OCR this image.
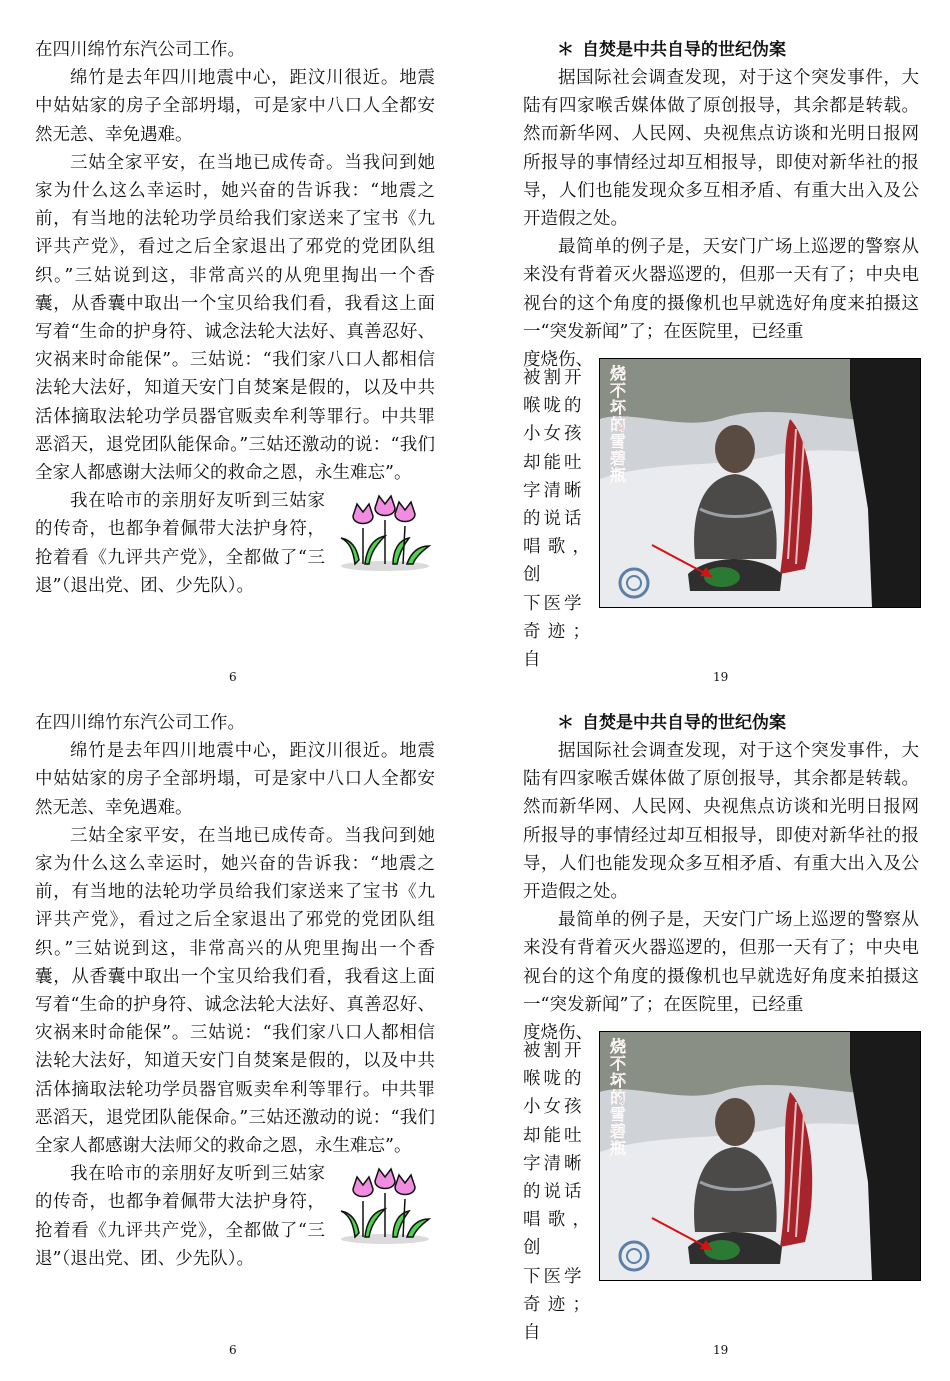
在四川绵竹东汽公司工作。

绵竹是去年四川地震中心，距汶川很近。地震中姑姑家的房子全部坍塌，可是家中八口人全都安然无恙、幸免遇难。

三姑全家平安，在当地已成传奇。当我问到她家为什么这么幸运时，她兴奋的告诉我：“地震之前，有当地的法轮功学员给我们家送来了宝书《九评共产党》，看过之后全家退出了邪党的党团队组织。”三姑说到这，非常高兴的从兜里掏出一个香囊，从香囊中取出一个宝贝给我们看，我看这上面写着“生命的护身符、诚念法轮大法好、真善忍好、灾祸来时命能保”。三姑说：“我们家八口人都相信法轮大法好，知道天安门自焚案是假的，以及中共活体摘取法轮功学员器官贩卖牟利等罪行。中共罪恶滔天，退党团队能保命。”三姑还激动的说：“我们全家人都感谢大法师父的救命之恩，永生难忘”。

我在哈市的亲朋好友听到三姑家的传奇，也都争着佩带大法护身符，抢着看《九评共产党》，全都做了“三退”（退出党、团、少先队）。

6

＊ 自焚是中共自导的世纪伪案

据国际社会调查发现，对于这个突发事件，大陆有四家喉舌媒体做了原创报导，其余都是转载。然而新华网、人民网、央视焦点访谈和光明日报网所报导的事情经过却互相报导，即使对新华社的报导，人们也能发现众多互相矛盾、有重大出入及公开造假之处。

最简单的例子是，天安门广场上巡逻的警察从来没有背着灭火器巡逻的，但那一天有了；中央电视台的这个角度的摄像机也早就选好角度来拍摄这一“突发新闻”了；在医院里，已经重

度烧伤、

被割开

喉咙的

小女孩

却能吐

字清晰

的说话

唱歌，创

下医学

奇迹；自

烧不坏的雪碧瓶
19

在四川绵竹东汽公司工作。

绵竹是去年四川地震中心，距汶川很近。地震中姑姑家的房子全部坍塌，可是家中八口人全都安然无恙、幸免遇难。

三姑全家平安，在当地已成传奇。当我问到她家为什么这么幸运时，她兴奋的告诉我：“地震之前，有当地的法轮功学员给我们家送来了宝书《九评共产党》，看过之后全家退出了邪党的党团队组织。”三姑说到这，非常高兴的从兜里掏出一个香囊，从香囊中取出一个宝贝给我们看，我看这上面写着“生命的护身符、诚念法轮大法好、真善忍好、灾祸来时命能保”。三姑说：“我们家八口人都相信法轮大法好，知道天安门自焚案是假的，以及中共活体摘取法轮功学员器官贩卖牟利等罪行。中共罪恶滔天，退党团队能保命。”三姑还激动的说：“我们全家人都感谢大法师父的救命之恩，永生难忘”。

我在哈市的亲朋好友听到三姑家的传奇，也都争着佩带大法护身符，抢着看《九评共产党》，全都做了“三退”（退出党、团、少先队）。

6

＊ 自焚是中共自导的世纪伪案

据国际社会调查发现，对于这个突发事件，大陆有四家喉舌媒体做了原创报导，其余都是转载。然而新华网、人民网、央视焦点访谈和光明日报网所报导的事情经过却互相报导，即使对新华社的报导，人们也能发现众多互相矛盾、有重大出入及公开造假之处。

最简单的例子是，天安门广场上巡逻的警察从来没有背着灭火器巡逻的，但那一天有了；中央电视台的这个角度的摄像机也早就选好角度来拍摄这一“突发新闻”了；在医院里，已经重

度烧伤、

被割开

喉咙的

小女孩

却能吐

字清晰

的说话

唱歌，创

下医学

奇迹；自

烧不坏的雪碧瓶
19
